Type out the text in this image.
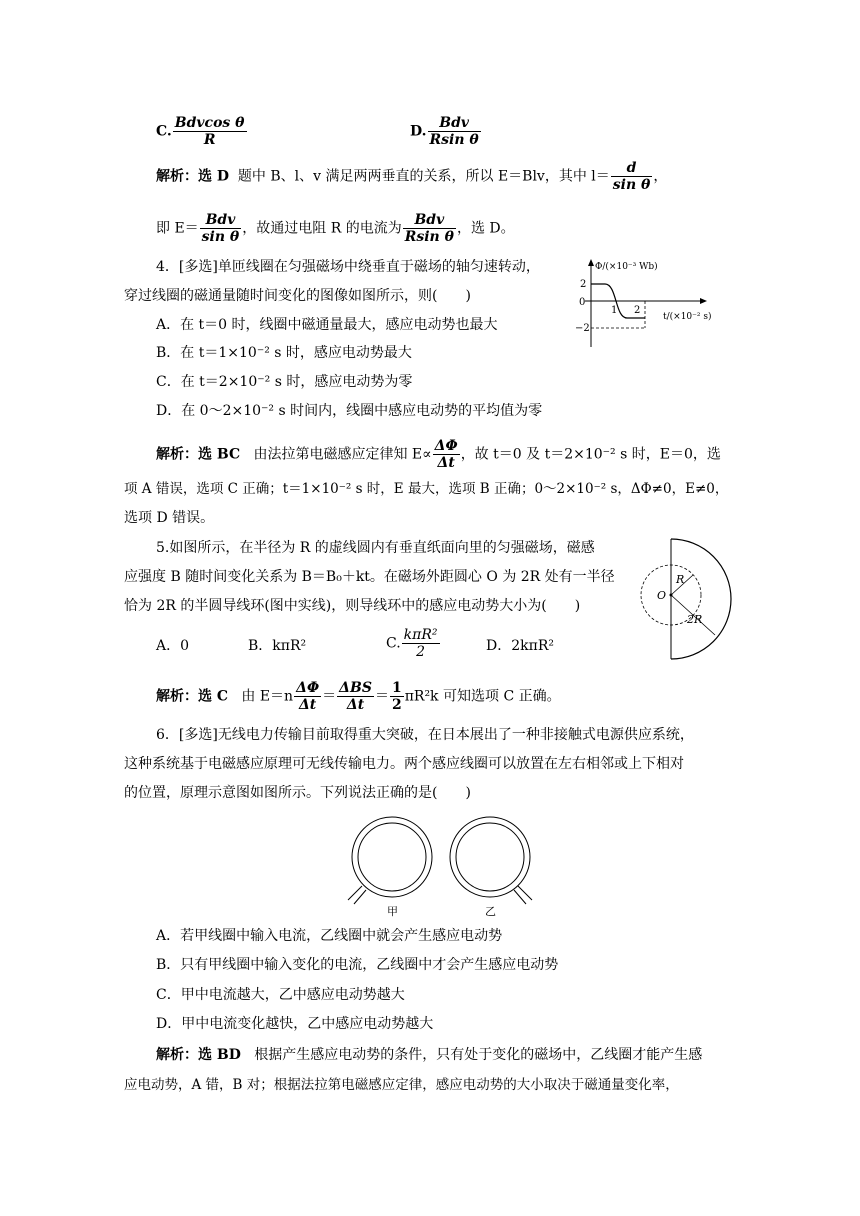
C. $\frac{\text{Bdvcos θ}}{R}$	D. $\frac{\text{Bdv}}{\text{Rsin θ}}$
解析：选 D 题中 B、l、v 满足两两垂直的关系，所以 E＝Blv，其中 $l= \frac{d}{\text{sin θ}}$ ，
即 $E= \frac{\text{Bdv}}{\text{sin θ}}$ ，故通过电阻 R 的电流为 $\frac{\text{Bdv}}{\text{Rsin θ}}$ ，选 D。
4．[多选]单匝线圈在匀强磁场中绕垂直于磁场的轴匀速转动，
穿过线圈的磁通量随时间变化的图像如图所示，则(　　)
A．在 t＝0 时，线圈中磁通量最大，感应电动势也最大
B．在 t＝1×10⁻² s 时，感应电动势最大
C．在 t＝2×10⁻² s 时，感应电动势为零
D．在 0～2×10⁻² s 时间内，线圈中感应电动势的平均值为零
Φ/(×10⁻³ Wb)
2
0
−2
1 2
t/(×10⁻² s)
解析：选 BC 由法拉第电磁感应定律知 $E\propto \frac{\Delta\Phi}{\Delta t}$ ，故 t＝0 及 t＝2×10⁻² s 时，E＝0，选
项 A 错误，选项 C 正确；t＝1×10⁻² s 时，E 最大，选项 B 正确；0～2×10⁻² s，ΔΦ≠0，E≠0，
选项 D 错误。
5.如图所示，在半径为 R 的虚线圆内有垂直纸面向里的匀强磁场，磁感
应强度 B 随时间变化关系为 B＝B₀＋kt。在磁场外距圆心 O 为 2R 处有一半径
恰为 2R 的半圆导线环(图中实线)，则导线环中的感应电动势大小为(　　)
A．0	B．kπR²	C. $\frac{\text{kπR²}}{2}$	D．2kπR²
R
O
2R
解析：选 C 由 $E=n \frac{\Delta\Phi}{\Delta t} = \frac{\text{ΔBS}}{\Delta t} = \frac{1}{2} \pi R^2k$ 可知选项 C 正确。
6．[多选]无线电力传输目前取得重大突破，在日本展出了一种非接触式电源供应系统，
这种系统基于电磁感应原理可无线传输电力。两个感应线圈可以放置在左右相邻或上下相对
的位置，原理示意图如图所示。下列说法正确的是(　　)
甲	乙
A．若甲线圈中输入电流，乙线圈中就会产生感应电动势
B．只有甲线圈中输入变化的电流，乙线圈中才会产生感应电动势
C．甲中电流越大，乙中感应电动势越大
D．甲中电流变化越快，乙中感应电动势越大
解析：选 BD 根据产生感应电动势的条件，只有处于变化的磁场中，乙线圈才能产生感
应电动势，A 错，B 对；根据法拉第电磁感应定律，感应电动势的大小取决于磁通量变化率，
